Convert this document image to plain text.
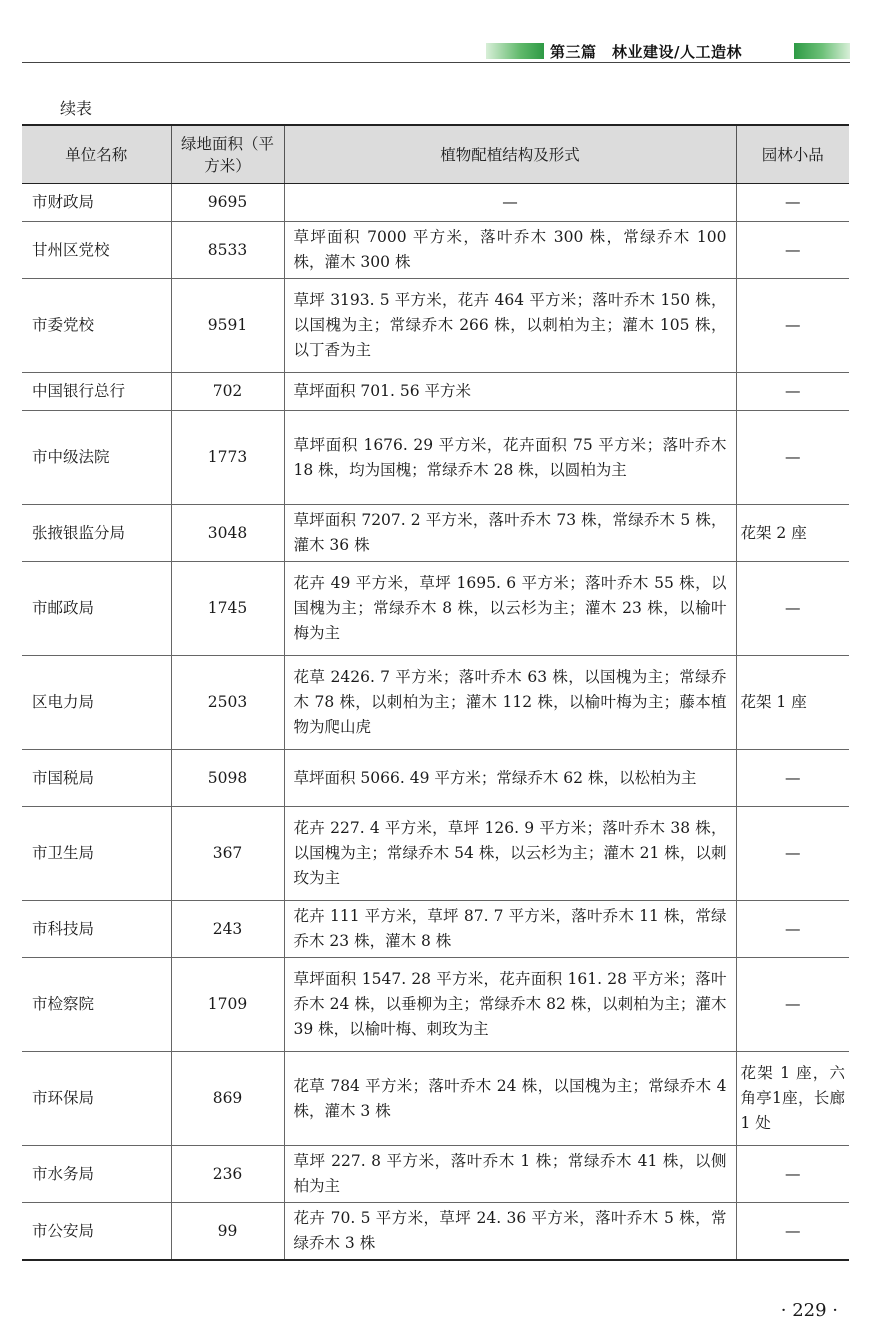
第三篇　林业建设/人工造林
续表
单位名称	绿地面积（平方米）	植物配植结构及形式	园林小品
市财政局	9695	—	—
甘州区党校	8533	草坪面积 7000 平方米，落叶乔木 300 株，常绿乔木 100 株，灌木 300 株	—
市委党校	9591	草坪 3193. 5 平方米，花卉 464 平方米；落叶乔木 150 株，以国槐为主；常绿乔木 266 株，以刺柏为主；灌木 105 株，以丁香为主	—
中国银行总行	702	草坪面积 701. 56 平方米	—
市中级法院	1773	草坪面积 1676. 29 平方米，花卉面积 75 平方米；落叶乔木 18 株，均为国槐；常绿乔木 28 株，以圆柏为主	—
张掖银监分局	3048	草坪面积 7207. 2 平方米，落叶乔木 73 株，常绿乔木 5 株，灌木 36 株	花架 2 座
市邮政局	1745	花卉 49 平方米，草坪 1695. 6 平方米；落叶乔木 55 株，以国槐为主；常绿乔木 8 株，以云杉为主；灌木 23 株，以榆叶梅为主	—
区电力局	2503	花草 2426. 7 平方米；落叶乔木 63 株，以国槐为主；常绿乔木 78 株，以刺柏为主；灌木 112 株，以榆叶梅为主；藤本植物为爬山虎	花架 1 座
市国税局	5098	草坪面积 5066. 49 平方米；常绿乔木 62 株，以松柏为主	—
市卫生局	367	花卉 227. 4 平方米，草坪 126. 9 平方米；落叶乔木 38 株，以国槐为主；常绿乔木 54 株，以云杉为主；灌木 21 株，以刺玫为主	—
市科技局	243	花卉 111 平方米，草坪 87. 7 平方米，落叶乔木 11 株，常绿乔木 23 株，灌木 8 株	—
市检察院	1709	草坪面积 1547. 28 平方米，花卉面积 161. 28 平方米；落叶乔木 24 株，以垂柳为主；常绿乔木 82 株，以刺柏为主；灌木 39 株，以榆叶梅、刺玫为主	—
市环保局	869	花草 784 平方米；落叶乔木 24 株，以国槐为主；常绿乔木 4 株，灌木 3 株	花架 1 座，六角亭1座，长廊 1 处
市水务局	236	草坪 227. 8 平方米，落叶乔木 1 株；常绿乔木 41 株，以侧柏为主	—
市公安局	99	花卉 70. 5 平方米，草坪 24. 36 平方米，落叶乔木 5 株，常绿乔木 3 株	—
· 229 ·
